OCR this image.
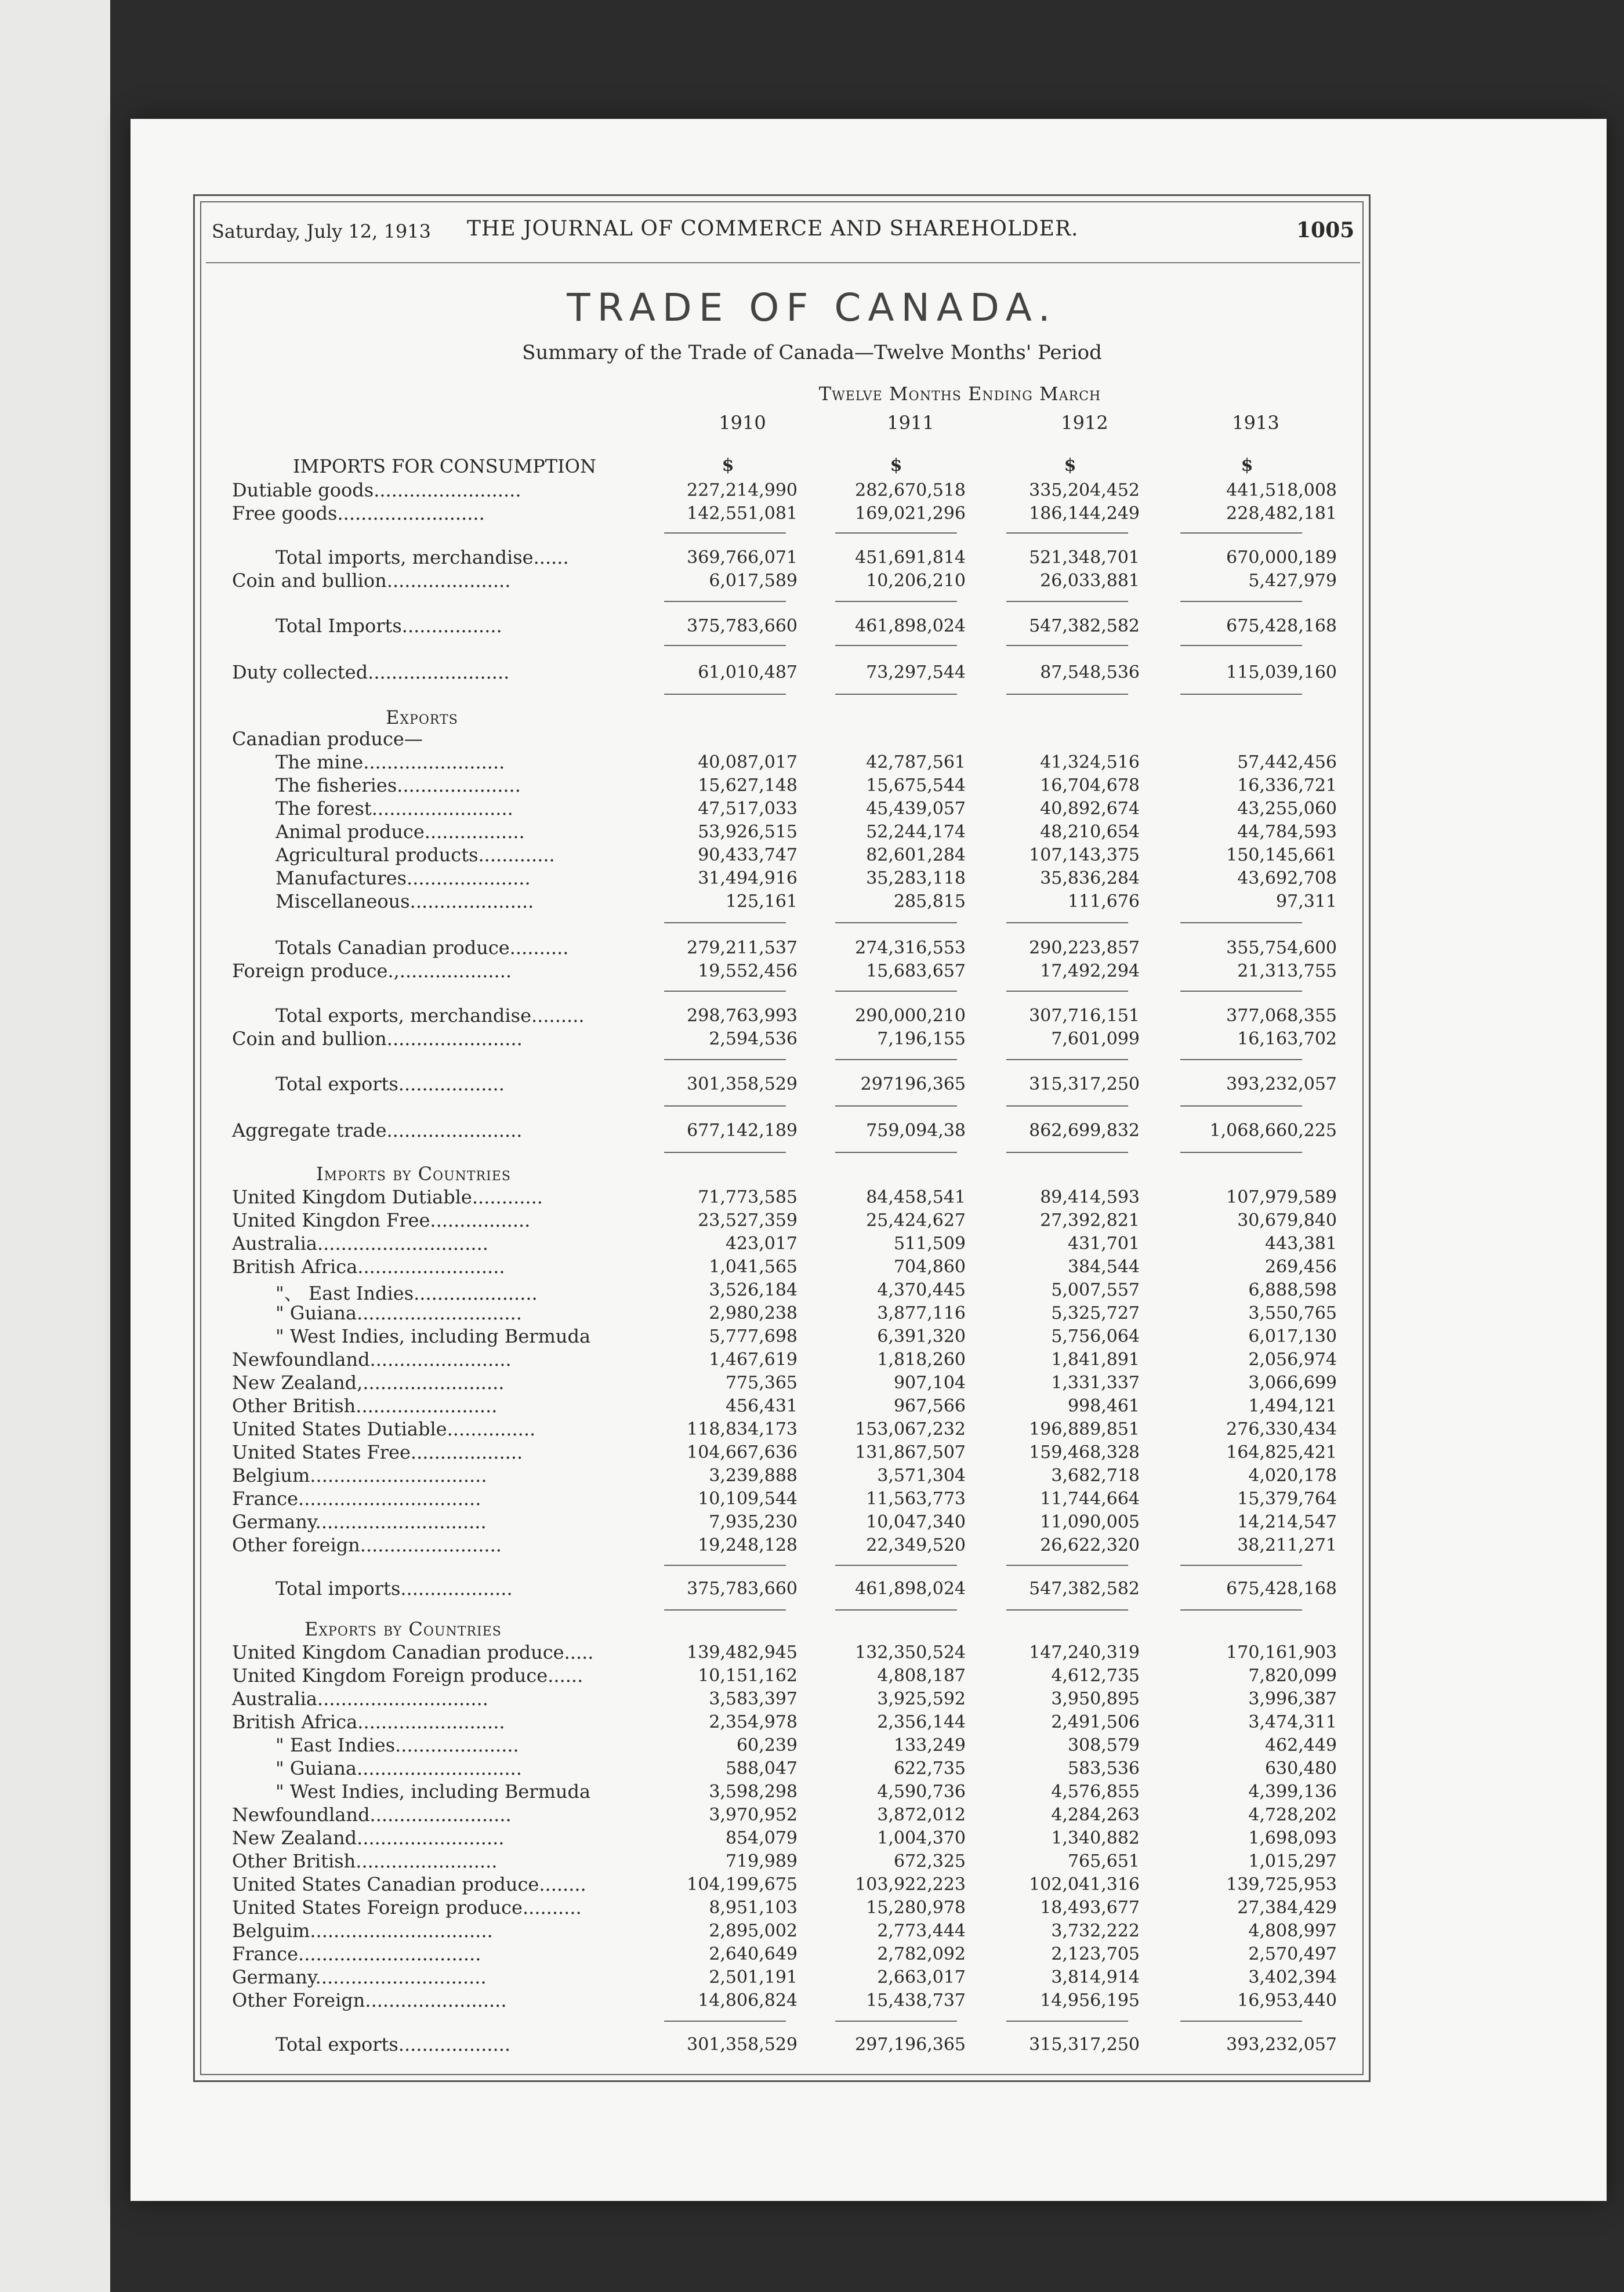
Saturday, July 12, 1913 THE JOURNAL OF COMMERCE AND SHAREHOLDER.	1005
TRADE OF CANADA.
Summary of the Trade of Canada—Twelve Months' Period
Twelve Months Ending March
1910	1911	1912	1913
IMPORTS FOR CONSUMPTION	$	$	$	$
Dutiable goods.........................	227,214,990	282,670,518	335,204,452	441,518,008
Free goods.........................	142,551,081	169,021,296	186,144,249	228,482,181
Total imports, merchandise......	369,766,071	451,691,814	521,348,701	670,000,189
Coin and bullion.....................	6,017,589	10,206,210	26,033,881	5,427,979
Total Imports.................	375,783,660	461,898,024	547,382,582	675,428,168
Duty collected........................	61,010,487	73,297,544	87,548,536	115,039,160
Exports
Canadian produce—
The mine........................	40,087,017	42,787,561	41,324,516	57,442,456
The fisheries.....................	15,627,148	15,675,544	16,704,678	16,336,721
The forest........................	47,517,033	45,439,057	40,892,674	43,255,060
Animal produce.................	53,926,515	52,244,174	48,210,654	44,784,593
Agricultural products.............	90,433,747	82,601,284	107,143,375	150,145,661
Manufactures.....................	31,494,916	35,283,118	35,836,284	43,692,708
Miscellaneous.....................	125,161	285,815	111,676	97,311
Totals Canadian produce..........	279,211,537	274,316,553	290,223,857	355,754,600
Foreign produce.,...................	19,552,456	15,683,657	17,492,294	21,313,755
Total exports, merchandise.........	298,763,993	290,000,210	307,716,151	377,068,355
Coin and bullion.......................	2,594,536	7,196,155	7,601,099	16,163,702
Total exports..................	301,358,529	297196,365	315,317,250	393,232,057
Aggregate trade.......................	677,142,189	759,094,38	862,699,832	1,068,660,225
Imports by Countries
United Kingdom Dutiable............	71,773,585	84,458,541	89,414,593	107,979,589
United Kingdon Free.................	23,527,359	25,424,627	27,392,821	30,679,840
Australia.............................	423,017	511,509	431,701	443,381
British Africa.........................	1,041,565	704,860	384,544	269,456
"、 East Indies.....................	3,526,184	4,370,445	5,007,557	6,888,598
" Guiana............................	2,980,238	3,877,116	5,325,727	3,550,765
" West Indies, including Bermuda	5,777,698	6,391,320	5,756,064	6,017,130
Newfoundland........................	1,467,619	1,818,260	1,841,891	2,056,974
New Zealand,........................	775,365	907,104	1,331,337	3,066,699
Other British........................	456,431	967,566	998,461	1,494,121
United States Dutiable...............	118,834,173	153,067,232	196,889,851	276,330,434
United States Free...................	104,667,636	131,867,507	159,468,328	164,825,421
Belgium..............................	3,239,888	3,571,304	3,682,718	4,020,178
France...............................	10,109,544	11,563,773	11,744,664	15,379,764
Germany.............................	7,935,230	10,047,340	11,090,005	14,214,547
Other foreign........................	19,248,128	22,349,520	26,622,320	38,211,271
Total imports...................	375,783,660	461,898,024	547,382,582	675,428,168
Exports by Countries
United Kingdom Canadian produce.....	139,482,945	132,350,524	147,240,319	170,161,903
United Kingdom Foreign produce......	10,151,162	4,808,187	4,612,735	7,820,099
Australia.............................	3,583,397	3,925,592	3,950,895	3,996,387
British Africa.........................	2,354,978	2,356,144	2,491,506	3,474,311
" East Indies.....................	60,239	133,249	308,579	462,449
" Guiana............................	588,047	622,735	583,536	630,480
" West Indies, including Bermuda	3,598,298	4,590,736	4,576,855	4,399,136
Newfoundland........................	3,970,952	3,872,012	4,284,263	4,728,202
New Zealand.........................	854,079	1,004,370	1,340,882	1,698,093
Other British........................	719,989	672,325	765,651	1,015,297
United States Canadian produce........	104,199,675	103,922,223	102,041,316	139,725,953
United States Foreign produce..........	8,951,103	15,280,978	18,493,677	27,384,429
Belguim...............................	2,895,002	2,773,444	3,732,222	4,808,997
France...............................	2,640,649	2,782,092	2,123,705	2,570,497
Germany.............................	2,501,191	2,663,017	3,814,914	3,402,394
Other Foreign........................	14,806,824	15,438,737	14,956,195	16,953,440
Total exports...................	301,358,529	297,196,365	315,317,250	393,232,057
